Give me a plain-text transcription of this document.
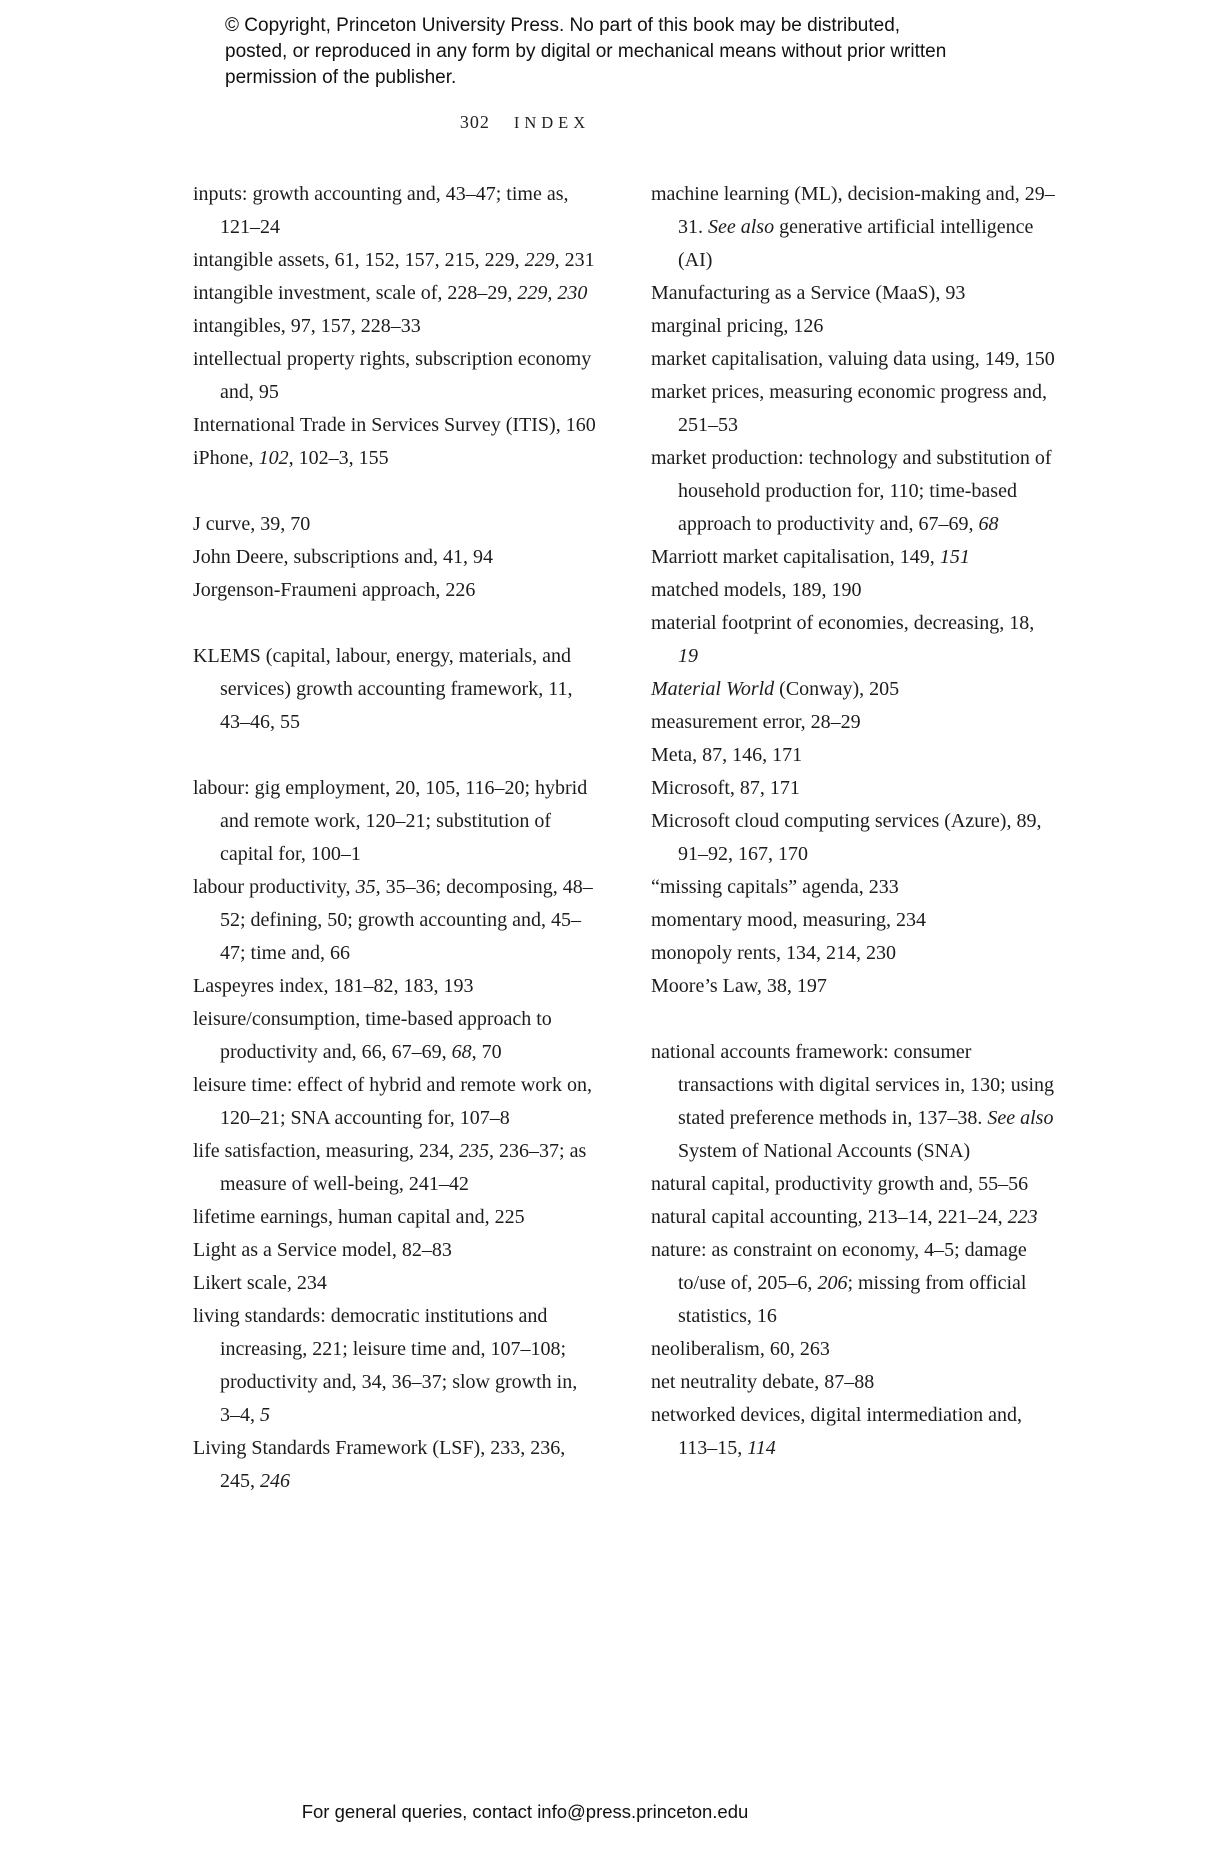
© Copyright, Princeton University Press. No part of this book may be distributed, posted, or reproduced in any form by digital or mechanical means without prior written permission of the publisher.
302 INDEX

inputs: growth accounting and, 43–47; time as, 121–24

intangible assets, 61, 152, 157, 215, 229, 229, 231

intangible investment, scale of, 228–29, 229, 230

intangibles, 97, 157, 228–33

intellectual property rights, subscription economy and, 95

International Trade in Services Survey (ITIS), 160

iPhone, 102, 102–3, 155

J curve, 39, 70

John Deere, subscriptions and, 41, 94

Jorgenson-Fraumeni approach, 226

KLEMS (capital, labour, energy, materials, and services) growth accounting framework, 11, 43–46, 55

labour: gig employment, 20, 105, 116–20; hybrid and remote work, 120–21; substitution of capital for, 100–1

labour productivity, 35, 35–36; decomposing, 48–52; defining, 50; growth accounting and, 45–47; time and, 66

Laspeyres index, 181–82, 183, 193

leisure/consumption, time-based approach to productivity and, 66, 67–69, 68, 70

leisure time: effect of hybrid and remote work on, 120–21; SNA accounting for, 107–8

life satisfaction, measuring, 234, 235, 236–37; as measure of well-being, 241–42

lifetime earnings, human capital and, 225

Light as a Service model, 82–83

Likert scale, 234

living standards: democratic institutions and increasing, 221; leisure time and, 107–108; productivity and, 34, 36–37; slow growth in, 3–4, 5

Living Standards Framework (LSF), 233, 236, 245, 246

machine learning (ML), decision-making and, 29–31. See also generative artificial intelligence (AI)

Manufacturing as a Service (MaaS), 93

marginal pricing, 126

market capitalisation, valuing data using, 149, 150

market prices, measuring economic progress and, 251–53

market production: technology and substitution of household production for, 110; time-based approach to productivity and, 67–69, 68

Marriott market capitalisation, 149, 151

matched models, 189, 190

material footprint of economies, decreasing, 18, 19

Material World (Conway), 205

measurement error, 28–29

Meta, 87, 146, 171

Microsoft, 87, 171

Microsoft cloud computing services (Azure), 89, 91–92, 167, 170

“missing capitals” agenda, 233

momentary mood, measuring, 234

monopoly rents, 134, 214, 230

Moore’s Law, 38, 197

national accounts framework: consumer transactions with digital services in, 130; using stated preference methods in, 137–38. See also System of National Accounts (SNA)

natural capital, productivity growth and, 55–56

natural capital accounting, 213–14, 221–24, 223

nature: as constraint on economy, 4–5; damage to/use of, 205–6, 206; missing from official statistics, 16

neoliberalism, 60, 263

net neutrality debate, 87–88

networked devices, digital intermediation and, 113–15, 114

For general queries, contact info@press.princeton.edu
